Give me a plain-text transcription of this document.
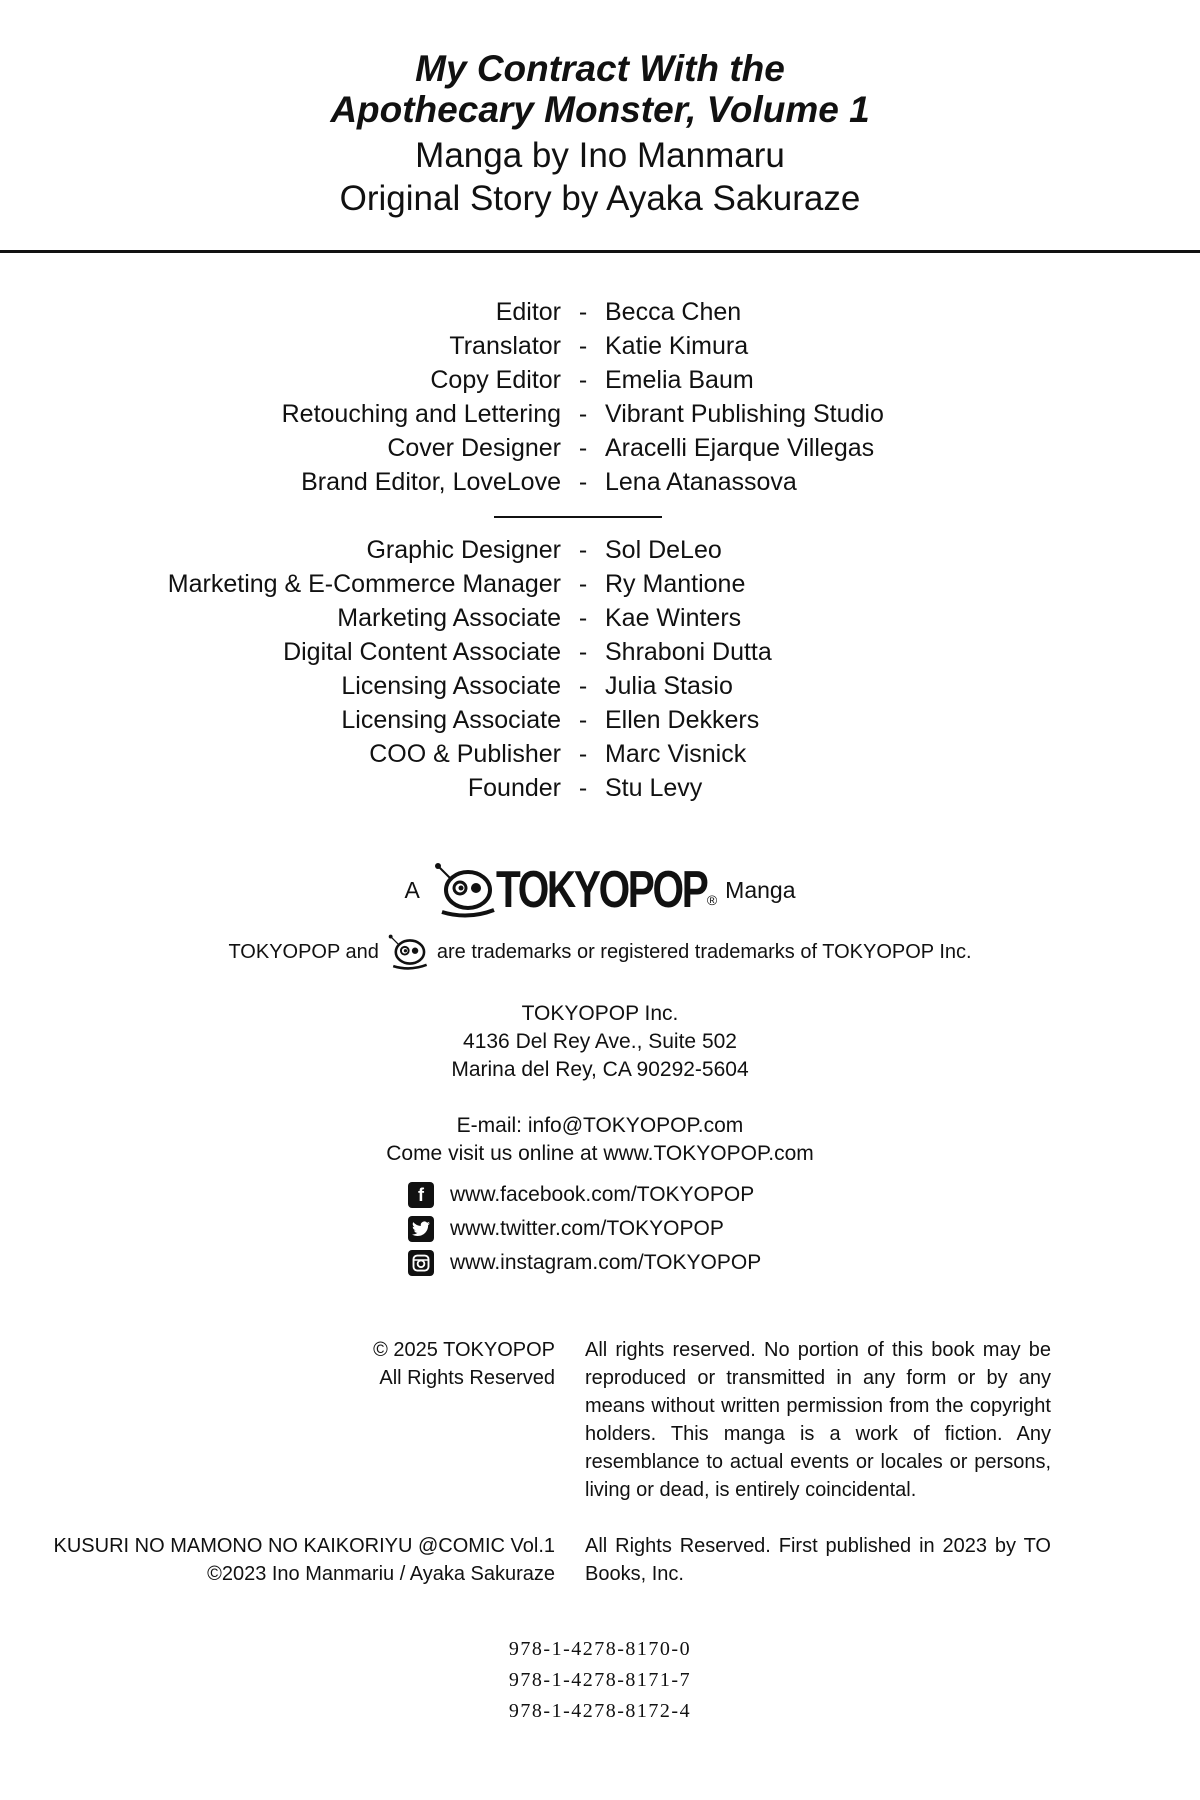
My Contract With the
Apothecary Monster, Volume 1
Manga by Ino Manmaru
Original Story by Ayaka Sakuraze
Editor - Becca Chen
Translator - Katie Kimura
Copy Editor - Emelia Baum
Retouching and Lettering - Vibrant Publishing Studio
Cover Designer - Aracelli Ejarque Villegas
Brand Editor, LoveLove - Lena Atanassova
Graphic Designer - Sol DeLeo
Marketing & E-Commerce Manager - Ry Mantione
Marketing Associate - Kae Winters
Digital Content Associate - Shraboni Dutta
Licensing Associate - Julia Stasio
Licensing Associate - Ellen Dekkers
COO & Publisher - Marc Visnick
Founder - Stu Levy
A TOKYOPOP ® Manga
TOKYOPOP and	are trademarks or registered trademarks of TOKYOPOP Inc.
TOKYOPOP Inc.
4136 Del Rey Ave., Suite 502
Marina del Rey, CA 90292-5604
E-mail: info@TOKYOPOP.com
Come visit us online at www.TOKYOPOP.com
f	www.facebook.com/TOKYOPOP
www.twitter.com/TOKYOPOP
www.instagram.com/TOKYOPOP
© 2025 TOKYOPOP
All Rights Reserved
All rights reserved. No portion of this book may be reproduced or transmitted in any form or by any means without written permission from the copyright holders. This manga is a work of fiction. Any resemblance to actual events or locales or persons, living or dead, is entirely coincidental.
KUSURI NO MAMONO NO KAIKORIYU @COMIC Vol.1
©2023 Ino Manmariu / Ayaka Sakuraze
All Rights Reserved. First published in 2023 by TO Books, Inc.
978-1-4278-8170-0
978-1-4278-8171-7
978-1-4278-8172-4
